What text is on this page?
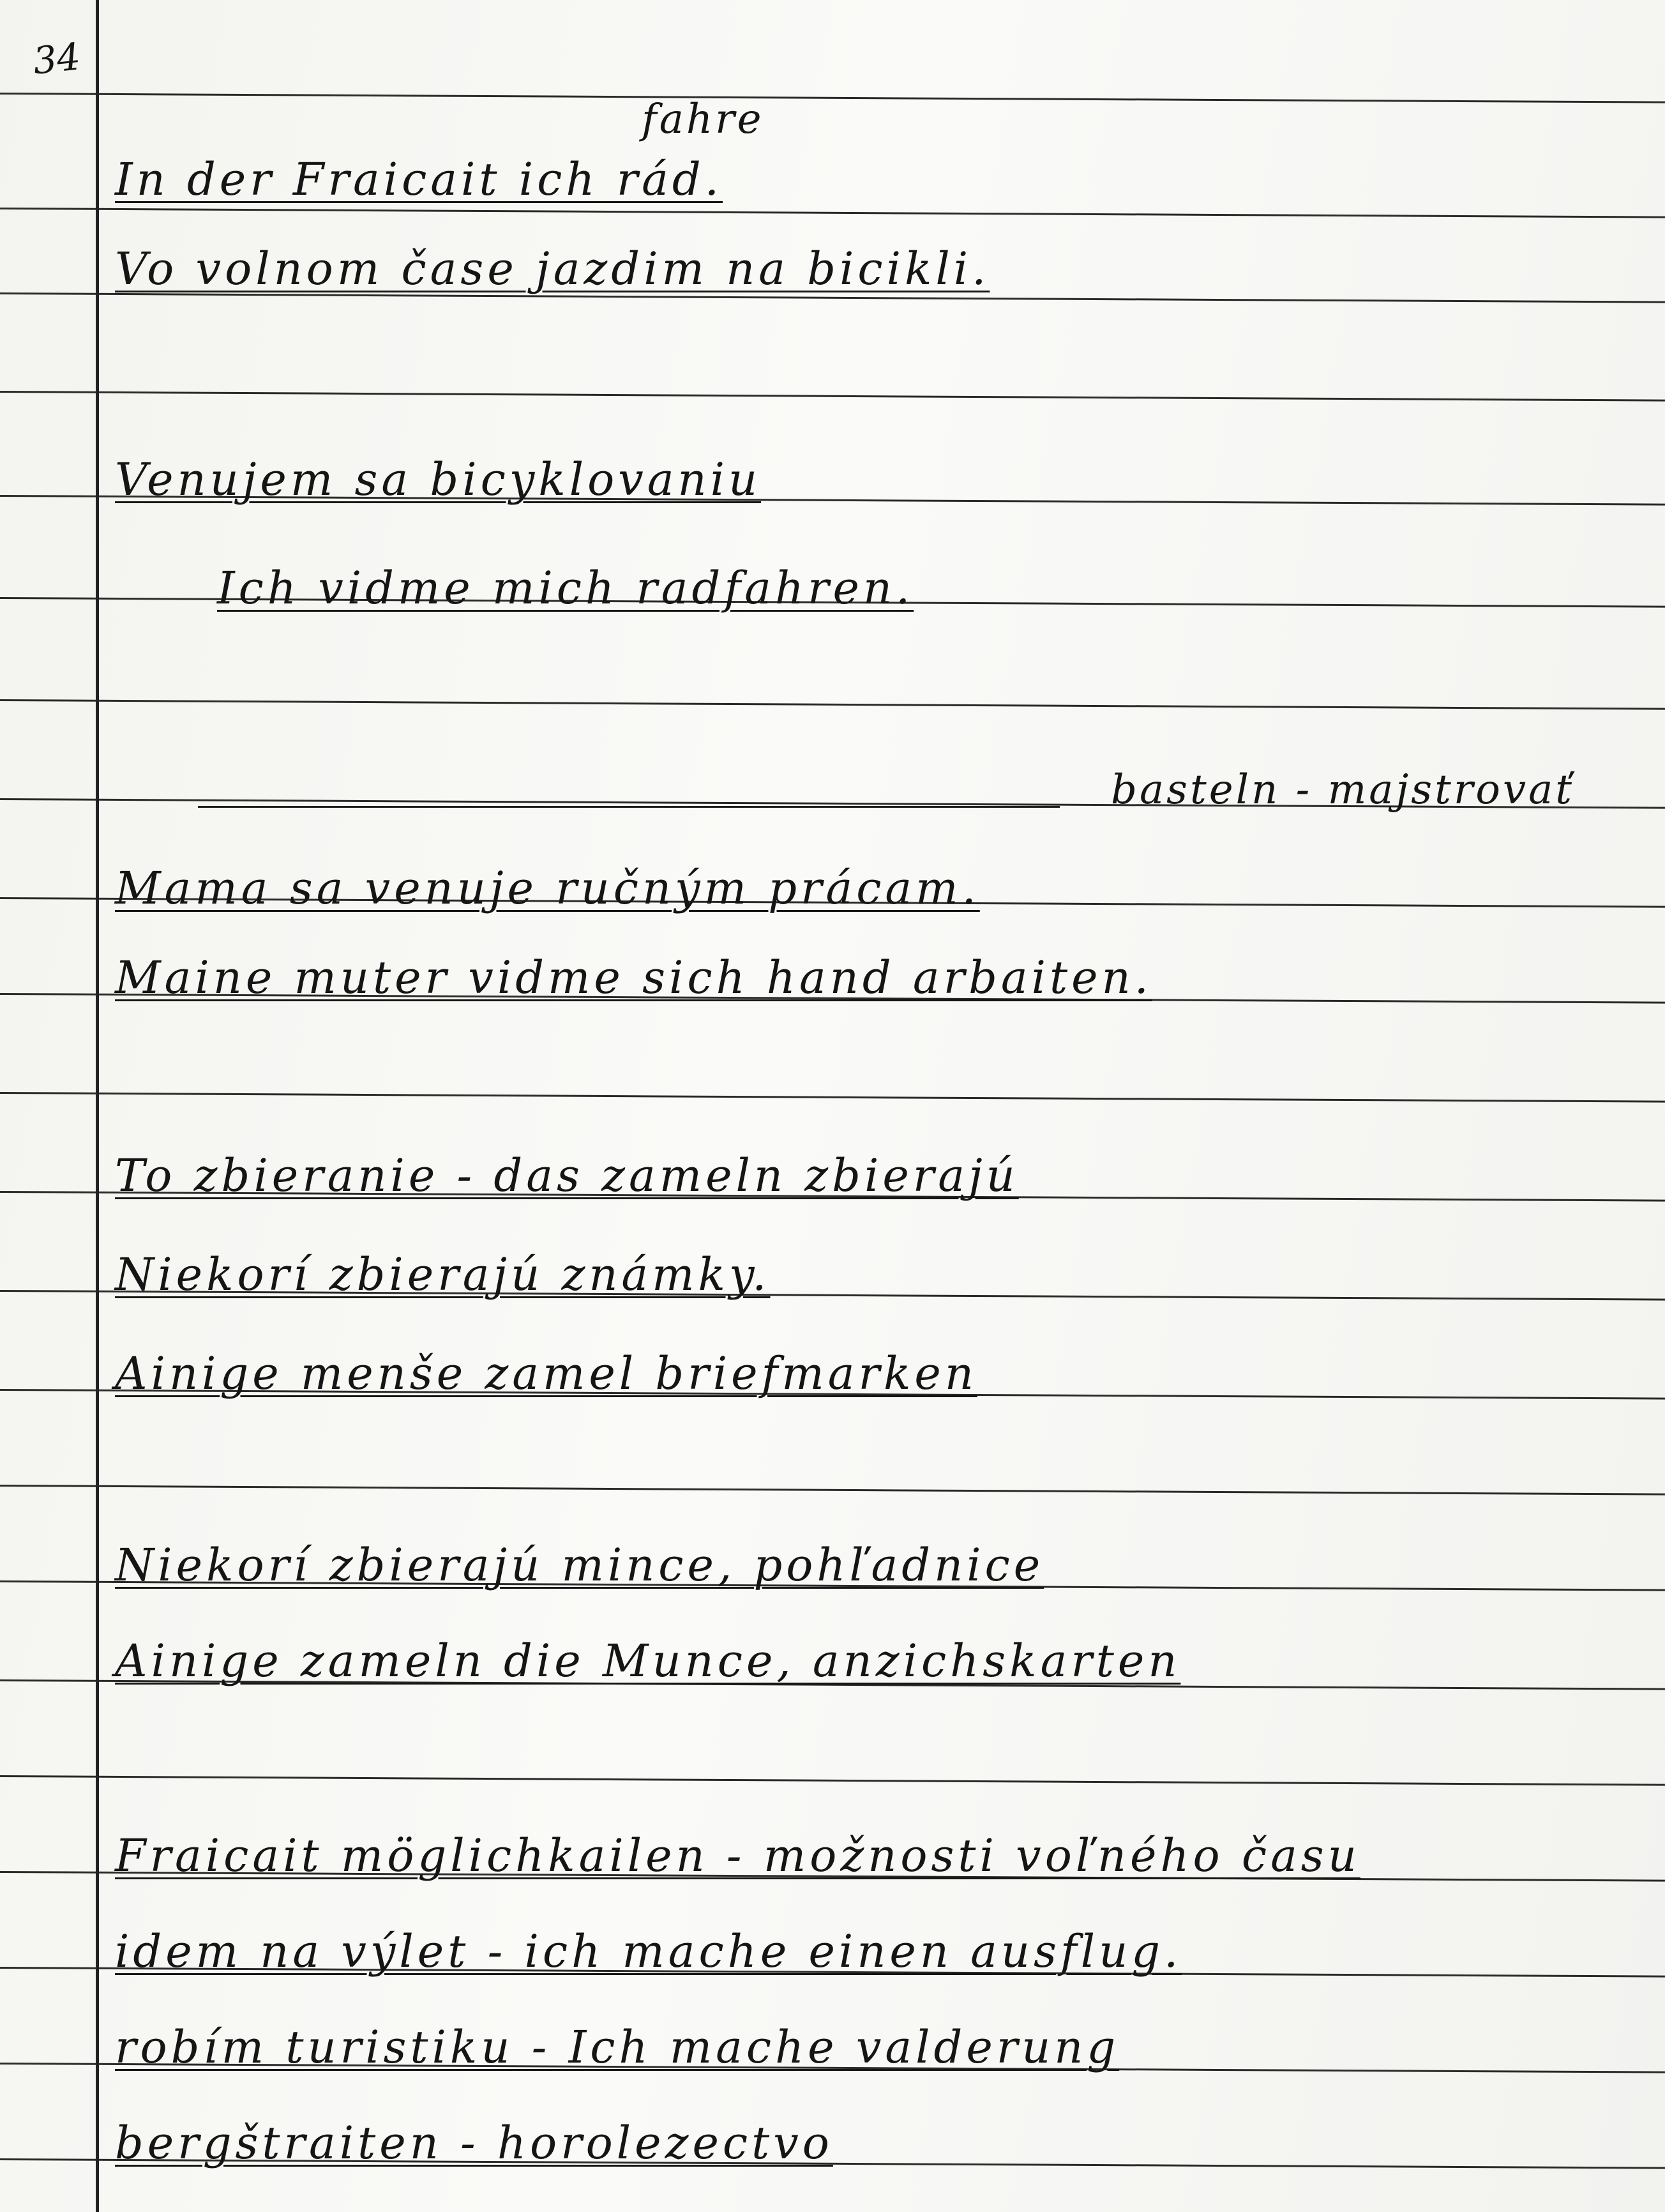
34
fahre
In der Fraicait ich rád.
Vo volnom čase jazdim na bicikli.
Venujem sa bicyklovaniu
Ich vidme mich radfahren.
basteln - majstrovať
Mama sa venuje ručným prácam.
Maine muter vidme sich hand arbaiten.
To zbieranie - das zameln zbierajú
Niekorí zbierajú známky.
Ainige menše zamel briefmarken
Niekorí zbierajú mince, pohľadnice
Ainige zameln die Munce, anzichskarten
Fraicait möglichkailen - možnosti voľného času
idem na výlet - ich mache einen ausflug.
robím turistiku - Ich mache valderung
bergštraiten - horolezectvo
